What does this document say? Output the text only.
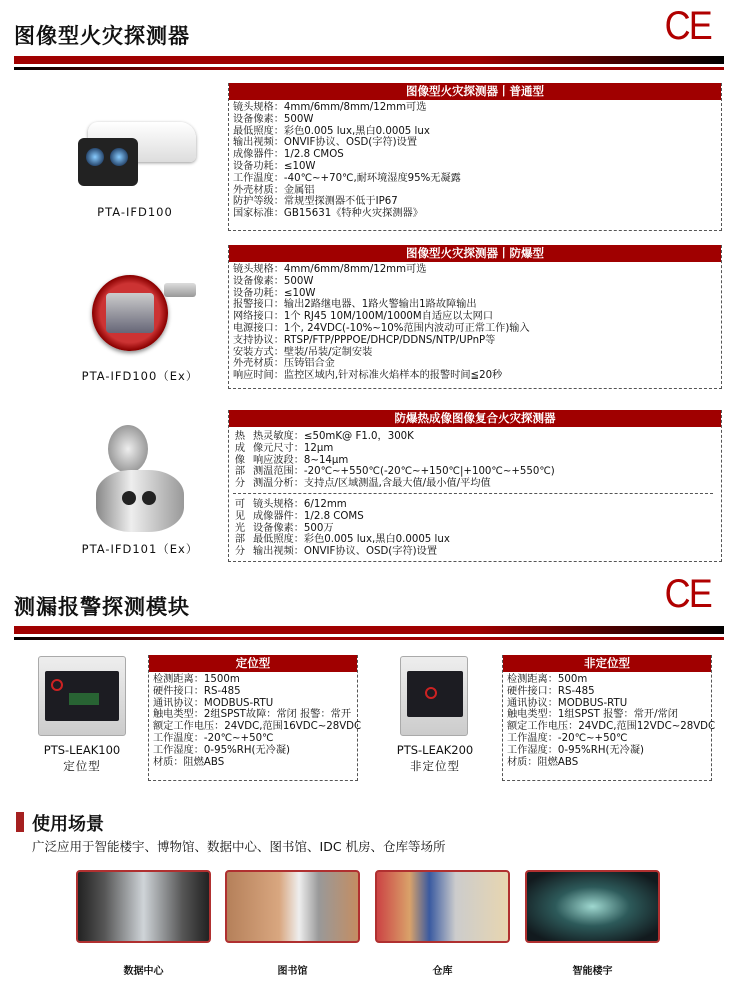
图像型火灾探测器	CE
PTA-IFD100
图像型火灾探测器丨普通型
镜头规格：4mm/6mm/8mm/12mm可选
设备像素：500W
最低照度：彩色0.005 lux,黑白0.0005 lux
输出视频：ONVIF协议、OSD(字符)设置
成像器件：1/2.8 CMOS
设备功耗：≤10W
工作温度：-40℃~+70℃,耐环境湿度95%无凝露
外壳材质：金属铝
防护等级：常规型探测器不低于IP67
国家标准：GB15631《特种火灾探测器》
PTA-IFD100（Ex）
图像型火灾探测器丨防爆型
镜头规格：4mm/6mm/8mm/12mm可选
设备像素：500W
设备功耗：≤10W
报警接口：输出2路继电器、1路火警输出1路故障输出
网络接口：1个 RJ45 10M/100M/1000M自适应以太网口
电源接口：1个, 24VDC(-10%~10%范围内波动可正常工作)输入
支持协议：RTSP/FTP/PPPOE/DHCP/DDNS/NTP/UPnP等
安装方式：壁装/吊装/定制安装
外壳材质：压铸铝合金
响应时间：监控区域内,针对标准火焰样本的报警时间≦20秒
PTA-IFD101（Ex）
防爆热成像图像复合火灾探测器
热
成
像
部
分
热灵敏度：≤50mK@ F1.0，300K
像元尺寸：12μm
响应波段：8~14μm
测温范围：-20℃~+550℃(-20℃~+150℃|+100℃~+550℃)
测温分析：支持点/区域测温,含最大值/最小值/平均值
可
见
光
部
分
镜头规格：6/12mm
成像器件：1/2.8 COMS
设备像素：500万
最低照度：彩色0.005 lux,黑白0.0005 lux
输出视频：ONVIF协议、OSD(字符)设置
测漏报警探测模块	CE
PTS-LEAK100
定位型
定位型
检测距离：1500m
硬件接口：RS-485
通讯协议：MODBUS-RTU
触电类型：2组SPST故障：常闭 报警：常开
额定工作电压：24VDC,范围16VDC~28VDC
工作温度：-20℃~+50℃
工作湿度：0-95%RH(无冷凝)
材质：阻燃ABS
PTS-LEAK200
非定位型
非定位型
检测距离：500m
硬件接口：RS-485
通讯协议：MODBUS-RTU
触电类型：1组SPST 报警：常开/常闭
额定工作电压：24VDC,范围12VDC~28VDC
工作温度：-20℃~+50℃
工作湿度：0-95%RH(无冷凝)
材质：阻燃ABS
使用场景
广泛应用于智能楼宇、博物馆、数据中心、图书馆、IDC 机房、仓库等场所
数据中心	图书馆	仓库	智能楼宇
